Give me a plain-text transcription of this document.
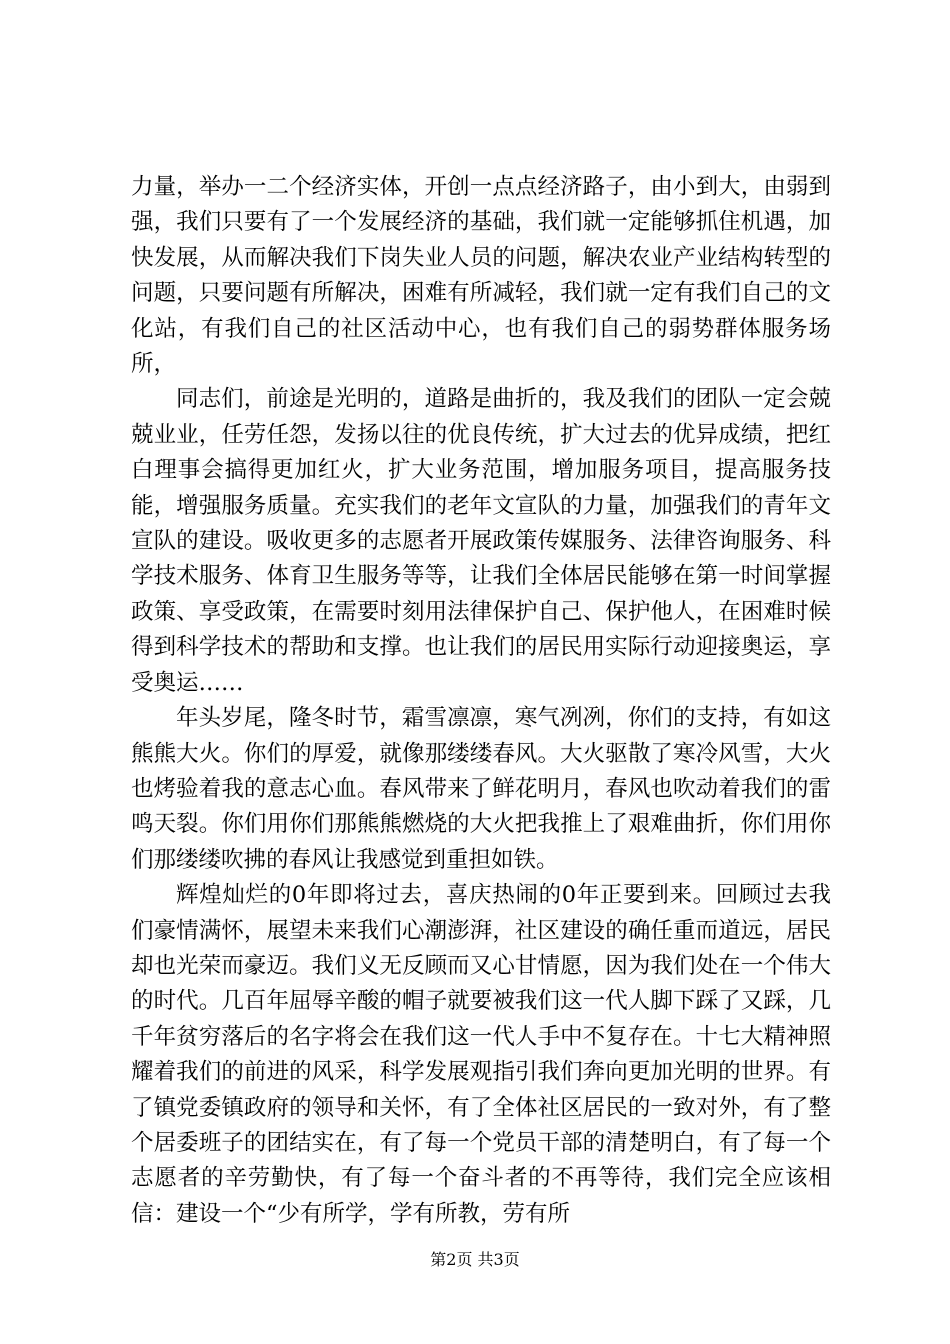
力量，举办一二个经济实体，开创一点点经济路子，由小到大，由弱到强，我们只要有了一个发展经济的基础，我们就一定能够抓住机遇，加快发展，从而解决我们下岗失业人员的问题，解决农业产业结构转型的问题，只要问题有所解决，困难有所减轻，我们就一定有我们自己的文化站，有我们自己的社区活动中心，也有我们自己的弱势群体服务场所，

同志们，前途是光明的，道路是曲折的，我及我们的团队一定会兢兢业业，任劳任怨，发扬以往的优良传统，扩大过去的优异成绩，把红白理事会搞得更加红火，扩大业务范围，增加服务项目，提高服务技能，增强服务质量。充实我们的老年文宣队的力量，加强我们的青年文宣队的建设。吸收更多的志愿者开展政策传媒服务、法律咨询服务、科学技术服务、体育卫生服务等等，让我们全体居民能够在第一时间掌握政策、享受政策，在需要时刻用法律保护自己、保护他人，在困难时候得到科学技术的帮助和支撑。也让我们的居民用实际行动迎接奥运，享受奥运……

年头岁尾，隆冬时节，霜雪凛凛，寒气冽冽，你们的支持，有如这熊熊大火。你们的厚爱，就像那缕缕春风。大火驱散了寒冷风雪，大火也烤验着我的意志心血。春风带来了鲜花明月，春风也吹动着我们的雷鸣天裂。你们用你们那熊熊燃烧的大火把我推上了艰难曲折，你们用你们那缕缕吹拂的春风让我感觉到重担如铁。

辉煌灿烂的0年即将过去，喜庆热闹的0年正要到来。回顾过去我们豪情满怀，展望未来我们心潮澎湃，社区建设的确任重而道远，居民却也光荣而豪迈。我们义无反顾而又心甘情愿，因为我们处在一个伟大的时代。几百年屈辱辛酸的帽子就要被我们这一代人脚下踩了又踩，几千年贫穷落后的名字将会在我们这一代人手中不复存在。十七大精神照耀着我们的前进的风采，科学发展观指引我们奔向更加光明的世界。有了镇党委镇政府的领导和关怀，有了全体社区居民的一致对外，有了整个居委班子的团结实在，有了每一个党员干部的清楚明白，有了每一个志愿者的辛劳勤快，有了每一个奋斗者的不再等待，我们完全应该相信：建设一个“少有所学，学有所教，劳有所

第2页 共3页
